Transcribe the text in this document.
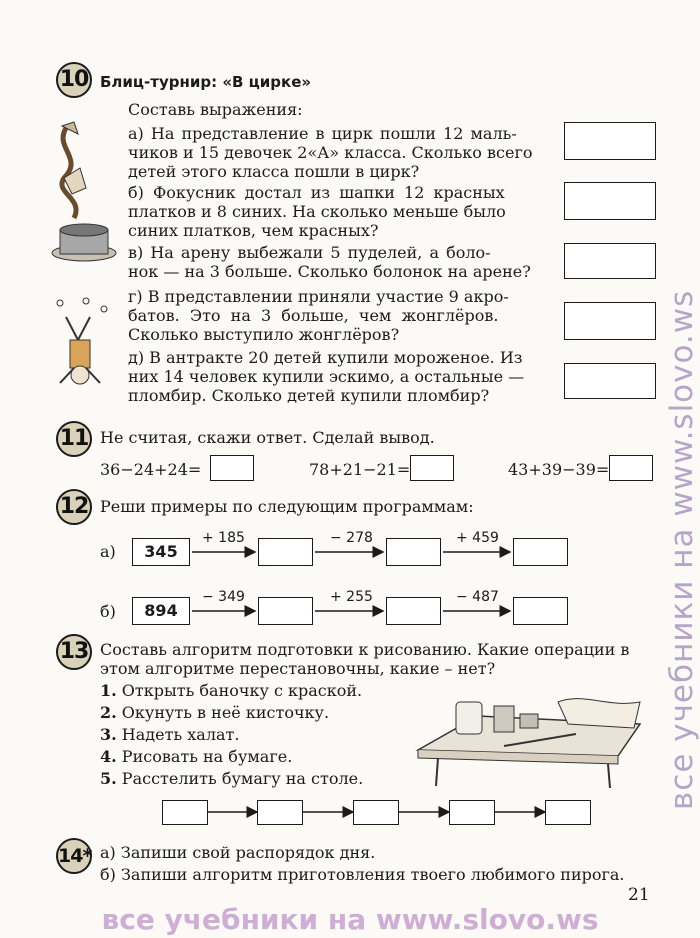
все учебники на www.slovo.ws
10 Блиц-турнир: «В цирке»
Составь выражения:
а) На представление в цирк пошли 12 маль-
чиков и 15 девочек 2«А» класса. Сколько всего
детей этого класса пошли в цирк?
б) Фокусник достал из шапки 12 красных
платков и 8 синих. На сколько меньше было
синих платков, чем красных?
в) На арену выбежали 5 пуделей, а боло-
нок — на 3 больше. Сколько болонок на арене?
г) В представлении приняли участие 9 акро-
батов. Это на 3 больше, чем жонглёров.
Сколько выступило жонглёров?
д) В антракте 20 детей купили мороженое. Из
них 14 человек купили эскимо, а остальные —
пломбир. Сколько детей купили пломбир?
11 Не считая, скажи ответ. Сделай вывод.
36−24+24=	78+21−21=	43+39−39=
12 Реши примеры по следующим программам:
а)	345
+ 185	− 278	+ 459
б)	894
− 349	+ 255	− 487
13 Составь алгоритм подготовки к рисованию. Какие операции в
этом алгоритме перестановочны, какие – нет?
1. Открыть баночку с краской.
2. Окунуть в неё кисточку.
3. Надеть халат.
4. Рисовать на бумаге.
5. Расстелить бумагу на столе.
14* а) Запиши свой распорядок дня.
б) Запиши алгоритм приготовления твоего любимого пирога.
21
все учебники на www.slovo.ws
